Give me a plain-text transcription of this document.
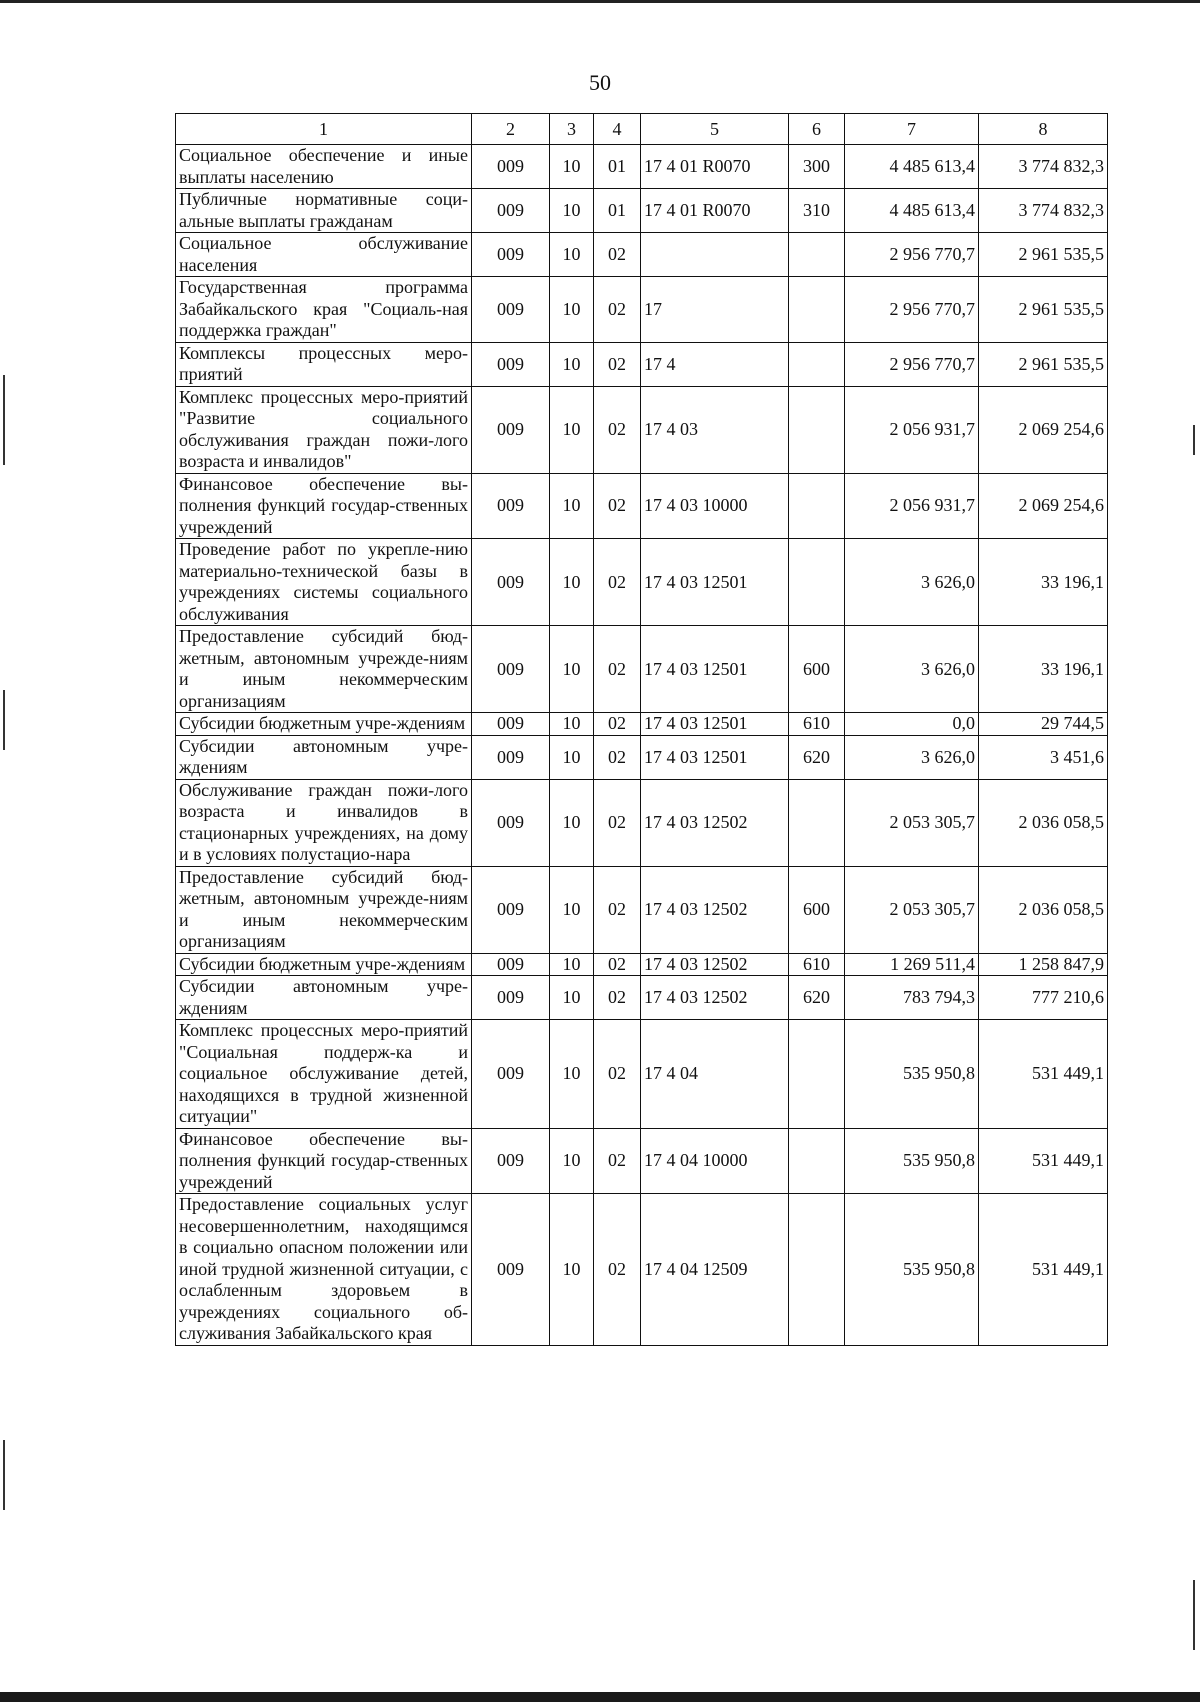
50
1	2	3	4	5	6	7	8
Социальное обеспечение и иные выплаты населению	009	10	01	17 4 01 R0070	300	4 485 613,4	3 774 832,3
Публичные нормативные соци-альные выплаты гражданам	009	10	01	17 4 01 R0070	310	4 485 613,4	3 774 832,3
Социальное обслуживание населения	009	10	02			2 956 770,7	2 961 535,5
Государственная программа Забайкальского края "Социаль-ная поддержка граждан"	009	10	02	17		2 956 770,7	2 961 535,5
Комплексы процессных меро-приятий	009	10	02	17 4		2 956 770,7	2 961 535,5
Комплекс процессных меро-приятий "Развитие социального обслуживания граждан пожи-лого возраста и инвалидов"	009	10	02	17 4 03		2 056 931,7	2 069 254,6
Финансовое обеспечение вы-полнения функций государ-ственных учреждений	009	10	02	17 4 03 10000		2 056 931,7	2 069 254,6
Проведение работ по укрепле-нию материально-технической базы в учреждениях системы социального обслуживания	009	10	02	17 4 03 12501		3 626,0	33 196,1
Предоставление субсидий бюд-жетным, автономным учрежде-ниям и иным некоммерческим организациям	009	10	02	17 4 03 12501	600	3 626,0	33 196,1
Субсидии бюджетным учре-ждениям	009	10	02	17 4 03 12501	610	0,0	29 744,5
Субсидии автономным учре-ждениям	009	10	02	17 4 03 12501	620	3 626,0	3 451,6
Обслуживание граждан пожи-лого возраста и инвалидов в стационарных учреждениях, на дому и в условиях полустацио-нара	009	10	02	17 4 03 12502		2 053 305,7	2 036 058,5
Предоставление субсидий бюд-жетным, автономным учрежде-ниям и иным некоммерческим организациям	009	10	02	17 4 03 12502	600	2 053 305,7	2 036 058,5
Субсидии бюджетным учре-ждениям	009	10	02	17 4 03 12502	610	1 269 511,4	1 258 847,9
Субсидии автономным учре-ждениям	009	10	02	17 4 03 12502	620	783 794,3	777 210,6
Комплекс процессных меро-приятий "Социальная поддерж-ка и социальное обслуживание детей, находящихся в трудной жизненной ситуации"	009	10	02	17 4 04		535 950,8	531 449,1
Финансовое обеспечение вы-полнения функций государ-ственных учреждений	009	10	02	17 4 04 10000		535 950,8	531 449,1
Предоставление социальных услуг несовершеннолетним, находящимся в социально опасном положении или иной трудной жизненной ситуации, с ослабленным здоровьем в учреждениях социального об-служивания Забайкальского края	009	10	02	17 4 04 12509		535 950,8	531 449,1
